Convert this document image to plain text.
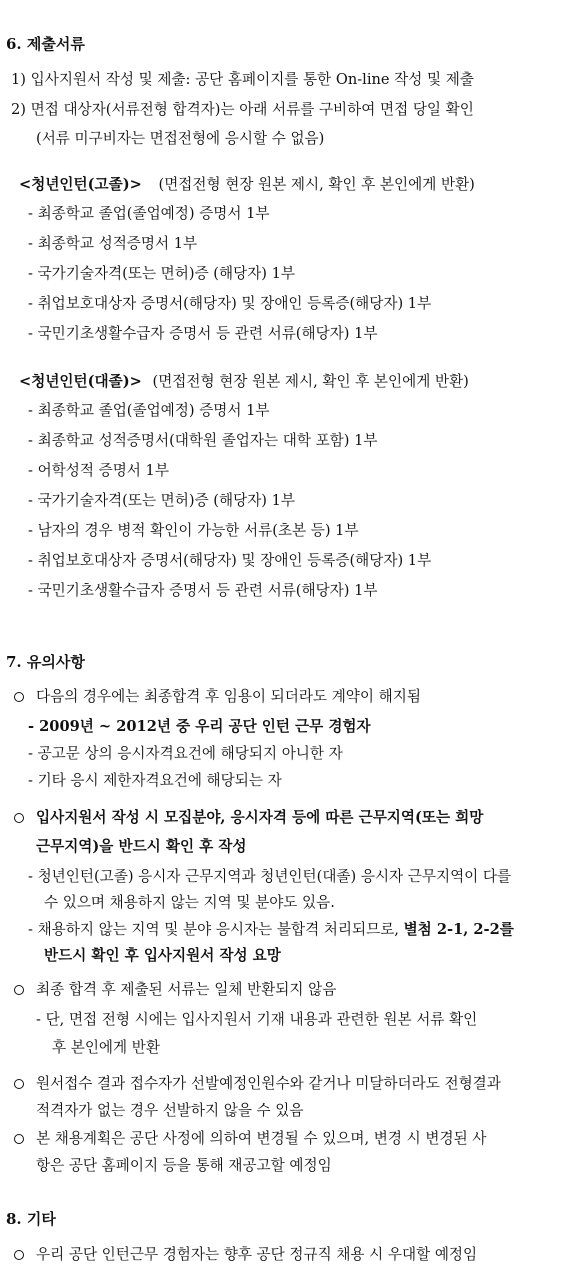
6. 제출서류
1) 입사지원서 작성 및 제출: 공단 홈페이지를 통한 On-line 작성 및 제출
2) 면접 대상자(서류전형 합격자)는 아래 서류를 구비하여 면접 당일 확인
(서류 미구비자는 면접전형에 응시할 수 없음)
<청년인턴(고졸)> (면접전형 현장 원본 제시, 확인 후 본인에게 반환)
- 최종학교 졸업(졸업예정) 증명서 1부
- 최종학교 성적증명서 1부
- 국가기술자격(또는 면허)증 (해당자) 1부
- 취업보호대상자 증명서(해당자) 및 장애인 등록증(해당자) 1부
- 국민기초생활수급자 증명서 등 관련 서류(해당자) 1부
<청년인턴(대졸)> (면접전형 현장 원본 제시, 확인 후 본인에게 반환)
- 최종학교 졸업(졸업예정) 증명서 1부
- 최종학교 성적증명서(대학원 졸업자는 대학 포함) 1부
- 어학성적 증명서 1부
- 국가기술자격(또는 면허)증 (해당자) 1부
- 남자의 경우 병적 확인이 가능한 서류(초본 등) 1부
- 취업보호대상자 증명서(해당자) 및 장애인 등록증(해당자) 1부
- 국민기초생활수급자 증명서 등 관련 서류(해당자) 1부
7. 유의사항
다음의 경우에는 최종합격 후 임용이 되더라도 계약이 해지됨
- 2009년 ~ 2012년 중 우리 공단 인턴 근무 경험자
- 공고문 상의 응시자격요건에 해당되지 아니한 자
- 기타 응시 제한자격요건에 해당되는 자
입사지원서 작성 시 모집분야, 응시자격 등에 따른 근무지역(또는 희망
근무지역)을 반드시 확인 후 작성
- 청년인턴(고졸) 응시자 근무지역과 청년인턴(대졸) 응시자 근무지역이 다를
수 있으며 채용하지 않는 지역 및 분야도 있음.
- 채용하지 않는 지역 및 분야 응시자는 불합격 처리되므로, 별첨 2-1, 2-2를
반드시 확인 후 입사지원서 작성 요망
최종 합격 후 제출된 서류는 일체 반환되지 않음
- 단, 면접 전형 시에는 입사지원서 기재 내용과 관련한 원본 서류 확인
후 본인에게 반환
원서접수 결과 접수자가 선발예정인원수와 같거나 미달하더라도 전형결과
적격자가 없는 경우 선발하지 않을 수 있음
본 채용계획은 공단 사정에 의하여 변경될 수 있으며, 변경 시 변경된 사
항은 공단 홈페이지 등을 통해 재공고할 예정임
8. 기타
우리 공단 인턴근무 경험자는 향후 공단 정규직 채용 시 우대할 예정임
